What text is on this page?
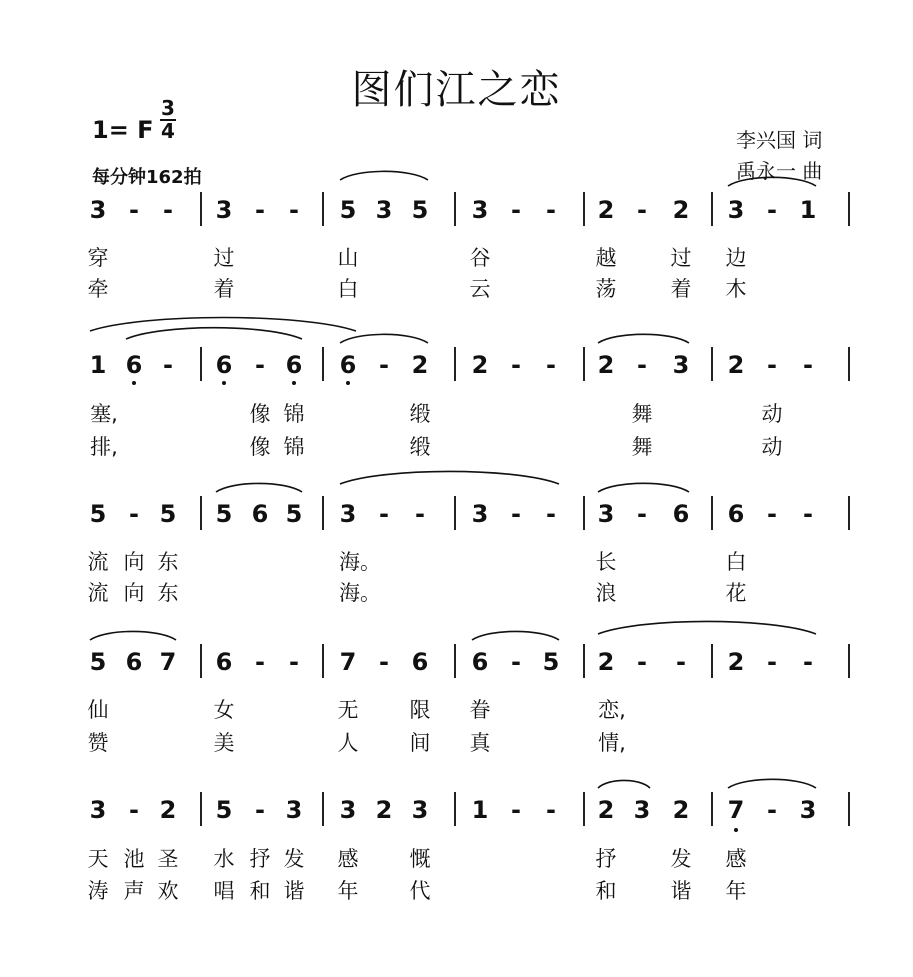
图们江之恋
1= F
3
4
每分钟162拍
李兴国 词
禹永一 曲
3 - - 3 - - 5 3 5 3 - - 2 - 2 3 - 1
穿	过	山	谷	越	过 边
牵	着	白	云	荡	着 木
1 6 - 6 - 6 6 - 2 2 - - 2 - 3 2 - -
塞,	像 锦	缎	舞	动
排,	像 锦	缎	舞	动
5 - 5 5 6 5 3 - - 3 - - 3 - 6 6 - -
流 向 东	海。	长	白
流 向 东	海。	浪	花
5 6 7 6 - - 7 - 6 6 - 5 2 - - 2 - -
仙	女	无 限 眷	恋,
赞	美	人 间 真	情,
3 - 2 5 - 3 3 2 3 1 - - 2 3 2 7 - 3
天 池 圣 水 抒 发 感 慨	抒	发 感
涛 声 欢 唱 和 谐 年 代	和	谐 年
